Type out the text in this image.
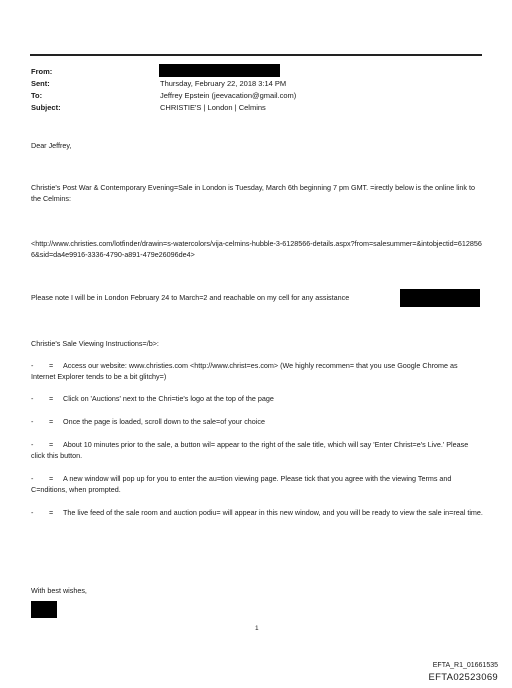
From:
Sent:	Thursday, February 22, 2018 3:14 PM
To:	Jeffrey Epstein (jeevacation@gmail.com)
Subject:	CHRISTIE'S | London | Celmins
Dear Jeffrey,
Christie's Post War & Contemporary Evening=Sale in London is Tuesday, March 6th beginning 7 pm GMT. =irectly below is the online link to the Celmins:
<http://www.christies.com/lotfinder/drawin=s-watercolors/vija-celmins-hubble-3-6128566-details.aspx?from=salesummer=&intobjectid=6128566&sid=da4e9916-3336-4790-a891-479e26096de4>
Please note I will be in London February 24 to March=2 and reachable on my cell for any assistance
Christie's Sale Viewing Instructions=/b>:
- = Access our website: www.christies.com <http://www.christ=es.com> (We highly recommen= that you use Google Chrome as Internet Explorer tends to be a bit glitchy=)
- = Click on 'Auctions' next to the Chri=tie's logo at the top of the page
- = Once the page is loaded, scroll down to the sale=of your choice
- = About 10 minutes prior to the sale, a button wil= appear to the right of the sale title, which will say 'Enter Christ=e's Live.' Please click this button.
- = A new window will pop up for you to enter the au=tion viewing page. Please tick that you agree with the viewing Terms and C=nditions, when prompted.
- = The live feed of the sale room and auction podiu= will appear in this new window, and you will be ready to view the sale in=real time.
With best wishes,
1
EFTA_R1_01661535
EFTA02523069
